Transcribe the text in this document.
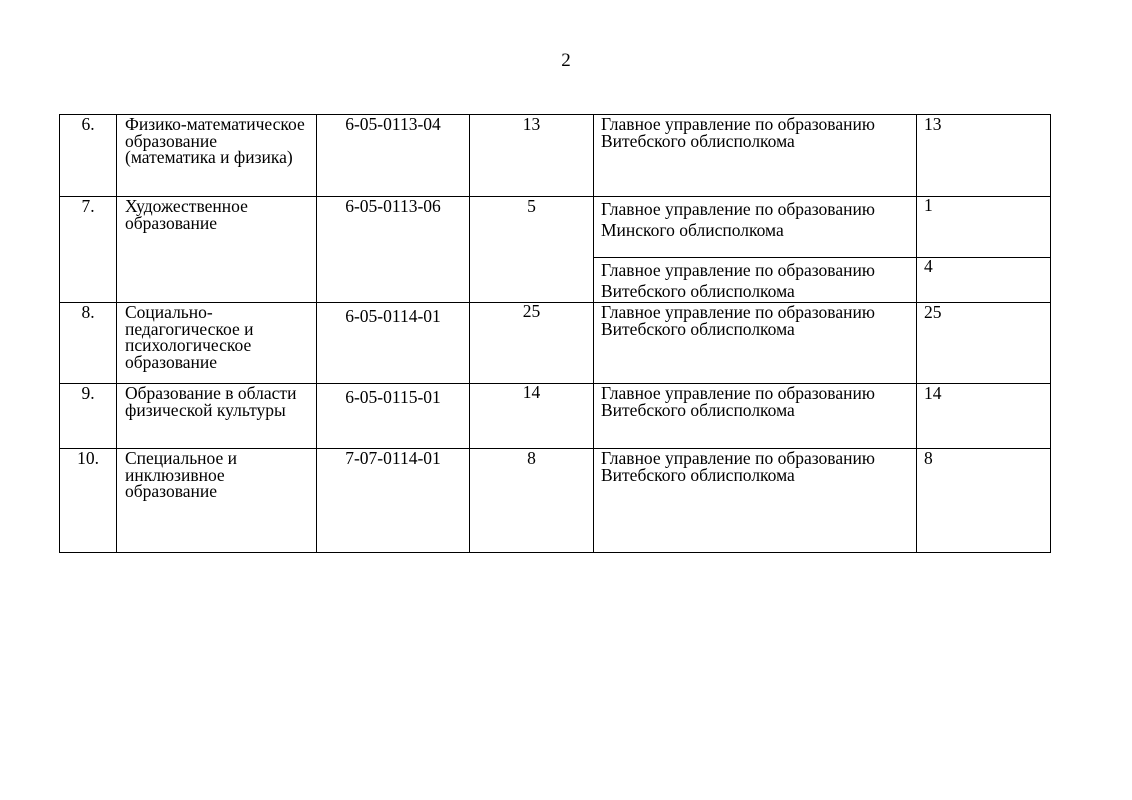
2
6.	Физико-математическое образование (математика и физика)	6-05-0113-04	13	Главное управление по образованию Витебского облисполкома	13
7.	Художественное образование	6-05-0113-06	5	Главное управление по образованию Минского облисполкома	1
				Главное управление по образованию Витебского облисполкома	4
8.	Социально-педагогическое и психологическое образование	6-05-0114-01	25	Главное управление по образованию Витебского облисполкома	25
9.	Образование в области физической культуры	6-05-0115-01	14	Главное управление по образованию Витебского облисполкома	14
10.	Специальное и инклюзивное образование	7-07-0114-01	8	Главное управление по образованию Витебского облисполкома	8
